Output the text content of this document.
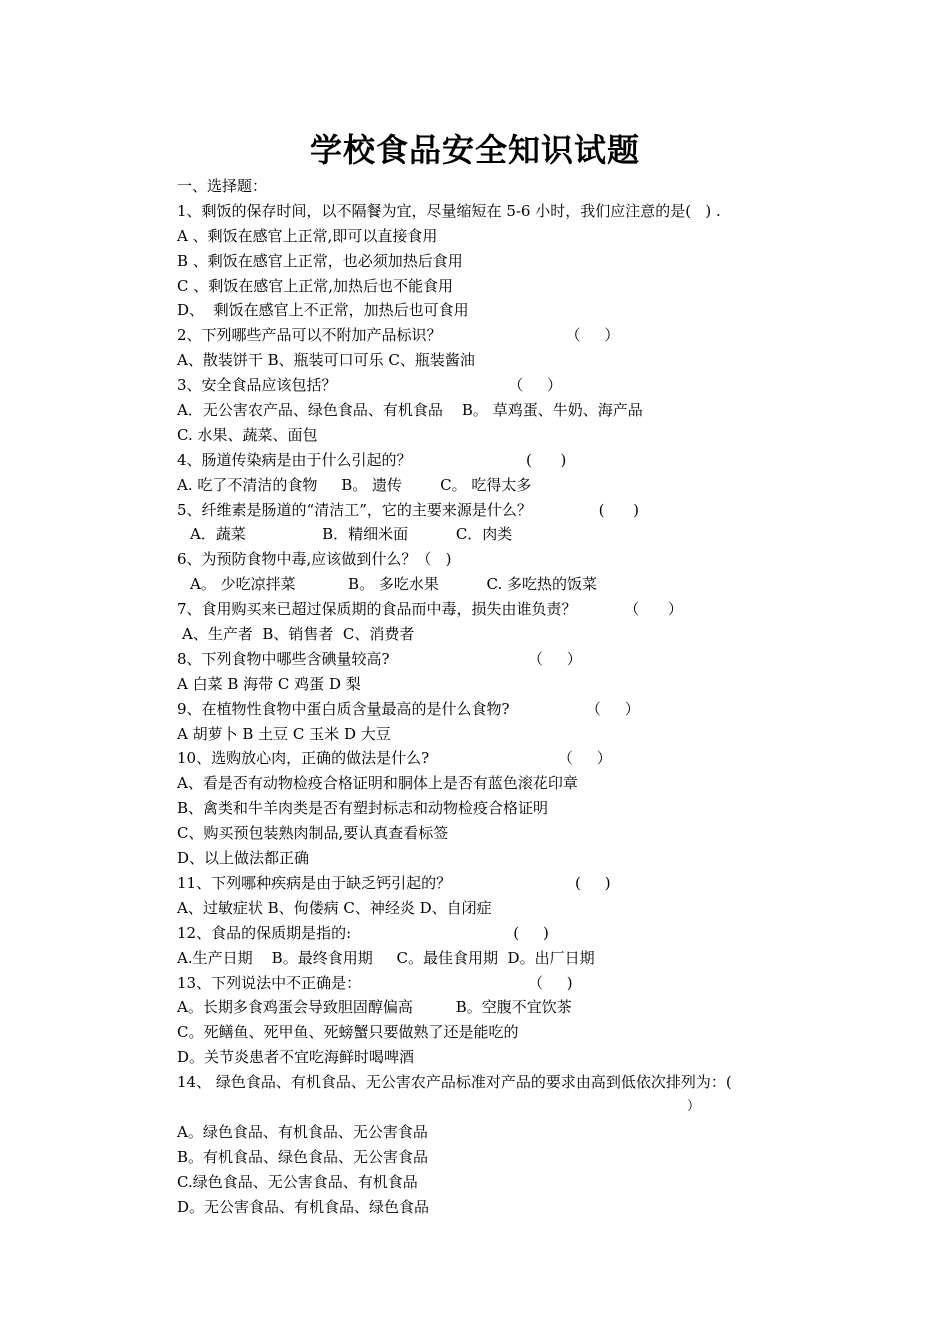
学校食品安全知识试题
一、选择题：
1、剩饭的保存时间，以不隔餐为宜，尽量缩短在 5-6 小时，我们应注意的是(   ) .
A 、剩饭在感官上正常,即可以直接食用
B 、剩饭在感官上正常，也必须加热后食用
C 、剩饭在感官上正常,加热后也不能食用
D、  剩饭在感官上不正常，加热后也可食用
2、下列哪些产品可以不附加产品标识？                          （     ）
A、散装饼干 B、瓶装可口可乐 C、瓶装酱油
3、安全食品应该包括？                                    （     ）
A．无公害农产品、绿色食品、有机食品    B。 草鸡蛋、牛奶、海产品
C. 水果、蔬菜、面包
4、肠道传染病是由于什么引起的？                        (      )
A. 吃了不清洁的食物     B。 遗传        C。 吃得太多
5、纤维素是肠道的“清洁工”，它的主要来源是什么？              (      )
A．蔬菜                B．精细米面          C．肉类
6、为预防食物中毒,应该做到什么？（   )
A。 少吃凉拌菜           B。 多吃水果          C. 多吃热的饭菜
7、食用购买来已超过保质期的食品而中毒，损失由谁负责？          （      ）
A、生产者  B、销售者  C、消费者
8、下列食物中哪些含碘量较高?                             （     ）
A 白菜 B 海带 C 鸡蛋 D 梨
9、在植物性食物中蛋白质含量最高的是什么食物?                （     ）
A 胡萝卜 B 土豆 C 玉米 D 大豆
10、选购放心肉，正确的做法是什么?                           （     ）
A、看是否有动物检疫合格证明和胴体上是否有蓝色滚花印章
B、禽类和牛羊肉类是否有塑封标志和动物检疫合格证明
C、购买预包装熟肉制品,要认真查看标签
D、以上做法都正确
11、下列哪种疾病是由于缺乏钙引起的？                          (     )
A、过敏症状 B、佝偻病 C、神经炎 D、自闭症
12、食品的保质期是指的:                                  (     )
A.生产日期    B。最终食用期     C。最佳食用期  D。出厂日期
13、下列说法中不正确是：                                   （     )
A。长期多食鸡蛋会导致胆固醇偏高         B。空腹不宜饮茶
C。死鳝鱼、死甲鱼、死螃蟹只要做熟了还是能吃的
D。关节炎患者不宜吃海鲜时喝啤酒
14、 绿色食品、有机食品、无公害农产品标准对产品的要求由高到低依次排列为：(
）
A。绿色食品、有机食品、无公害食品
B。有机食品、绿色食品、无公害食品
C.绿色食品、无公害食品、有机食品
D。无公害食品、有机食品、绿色食品
